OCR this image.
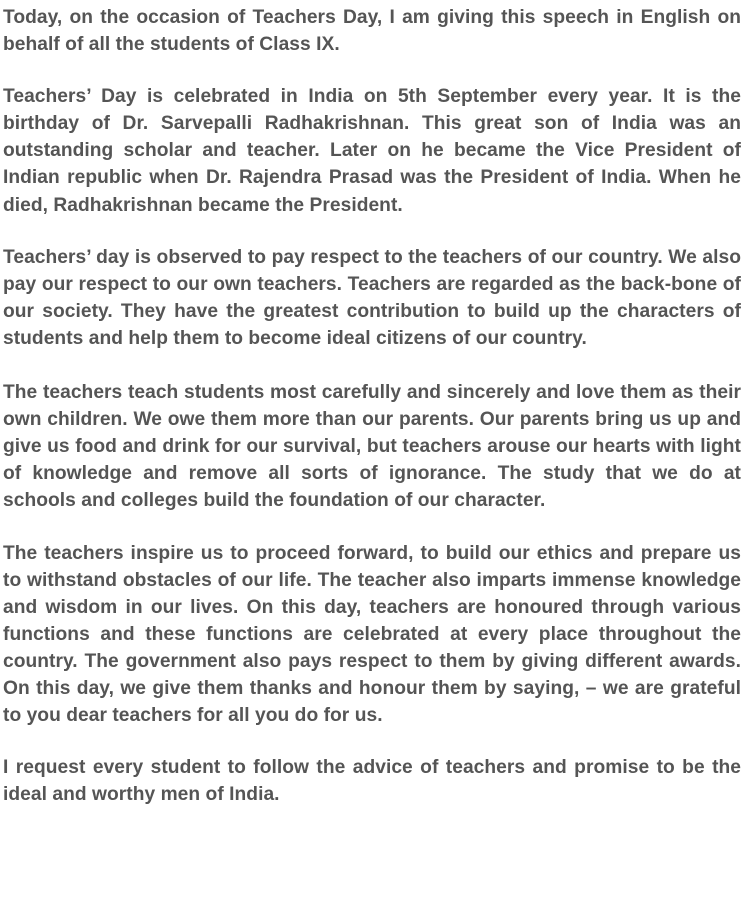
Today, on the occasion of Teachers Day, I am giving this speech in English on behalf of all the students of Class IX.

Teachers’ Day is celebrated in India on 5th September every year. It is the birthday of Dr. Sarvepalli Radhakrishnan. This great son of India was an outstanding scholar and teacher. Later on he became the Vice President of Indian republic when Dr. Rajendra Prasad was the President of India. When he died, Radhakrishnan became the President.

Teachers’ day is observed to pay respect to the teachers of our country. We also pay our respect to our own teachers. Teachers are regarded as the back-bone of our society. They have the greatest contribution to build up the characters of students and help them to become ideal citizens of our country.

The teachers teach students most carefully and sincerely and love them as their own children. We owe them more than our parents. Our parents bring us up and give us food and drink for our survival, but teachers arouse our hearts with light of knowledge and remove all sorts of ignorance. The study that we do at schools and colleges build the foundation of our character.

The teachers inspire us to proceed forward, to build our ethics and prepare us to withstand obstacles of our life. The teacher also imparts immense knowledge and wisdom in our lives. On this day, teachers are honoured through various functions and these functions are celebrated at every place throughout the country. The government also pays respect to them by giving different awards. On this day, we give them thanks and honour them by saying, – we are grateful to you dear teachers for all you do for us.

I request every student to follow the advice of teachers and promise to be the ideal and worthy men of India.
